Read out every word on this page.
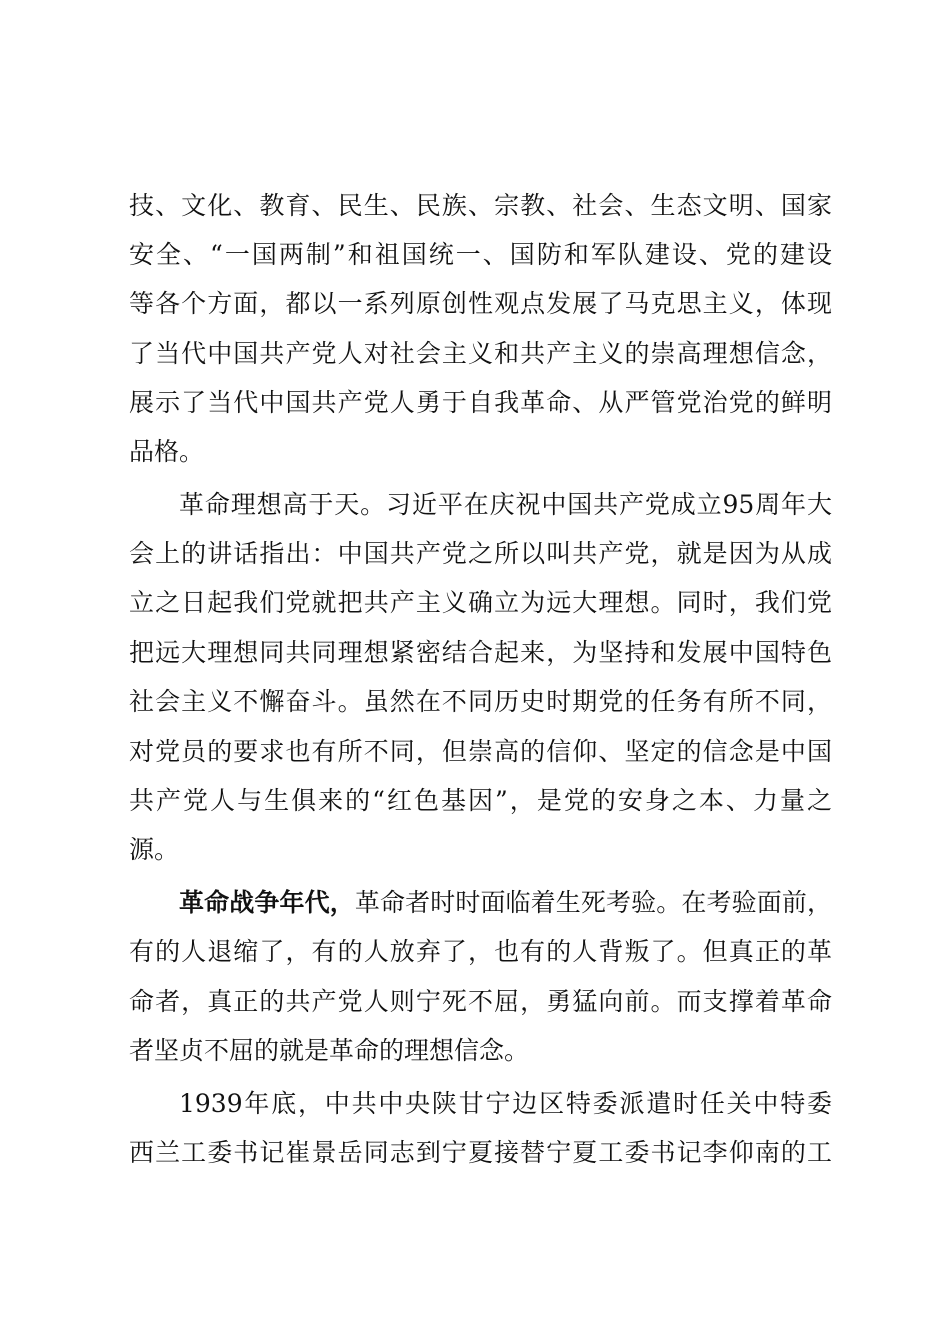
技、文化、教育、民生、民族、宗教、社会、生态文明、国家
安全、“一国两制”和祖国统一、国防和军队建设、党的建设
等各个方面，都以一系列原创性观点发展了马克思主义，体现
了当代中国共产党人对社会主义和共产主义的崇高理想信念，
展示了当代中国共产党人勇于自我革命、从严管党治党的鲜明
品格。
革命理想高于天。习近平在庆祝中国共产党成立95周年大
会上的讲话指出：中国共产党之所以叫共产党，就是因为从成
立之日起我们党就把共产主义确立为远大理想。同时，我们党
把远大理想同共同理想紧密结合起来，为坚持和发展中国特色
社会主义不懈奋斗。虽然在不同历史时期党的任务有所不同，
对党员的要求也有所不同，但崇高的信仰、坚定的信念是中国
共产党人与生俱来的“红色基因”，是党的安身之本、力量之
源。
革命战争年代，革命者时时面临着生死考验。在考验面前，
有的人退缩了，有的人放弃了，也有的人背叛了。但真正的革
命者，真正的共产党人则宁死不屈，勇猛向前。而支撑着革命
者坚贞不屈的就是革命的理想信念。
1939年底，中共中央陕甘宁边区特委派遣时任关中特委
西兰工委书记崔景岳同志到宁夏接替宁夏工委书记李仰南的工
